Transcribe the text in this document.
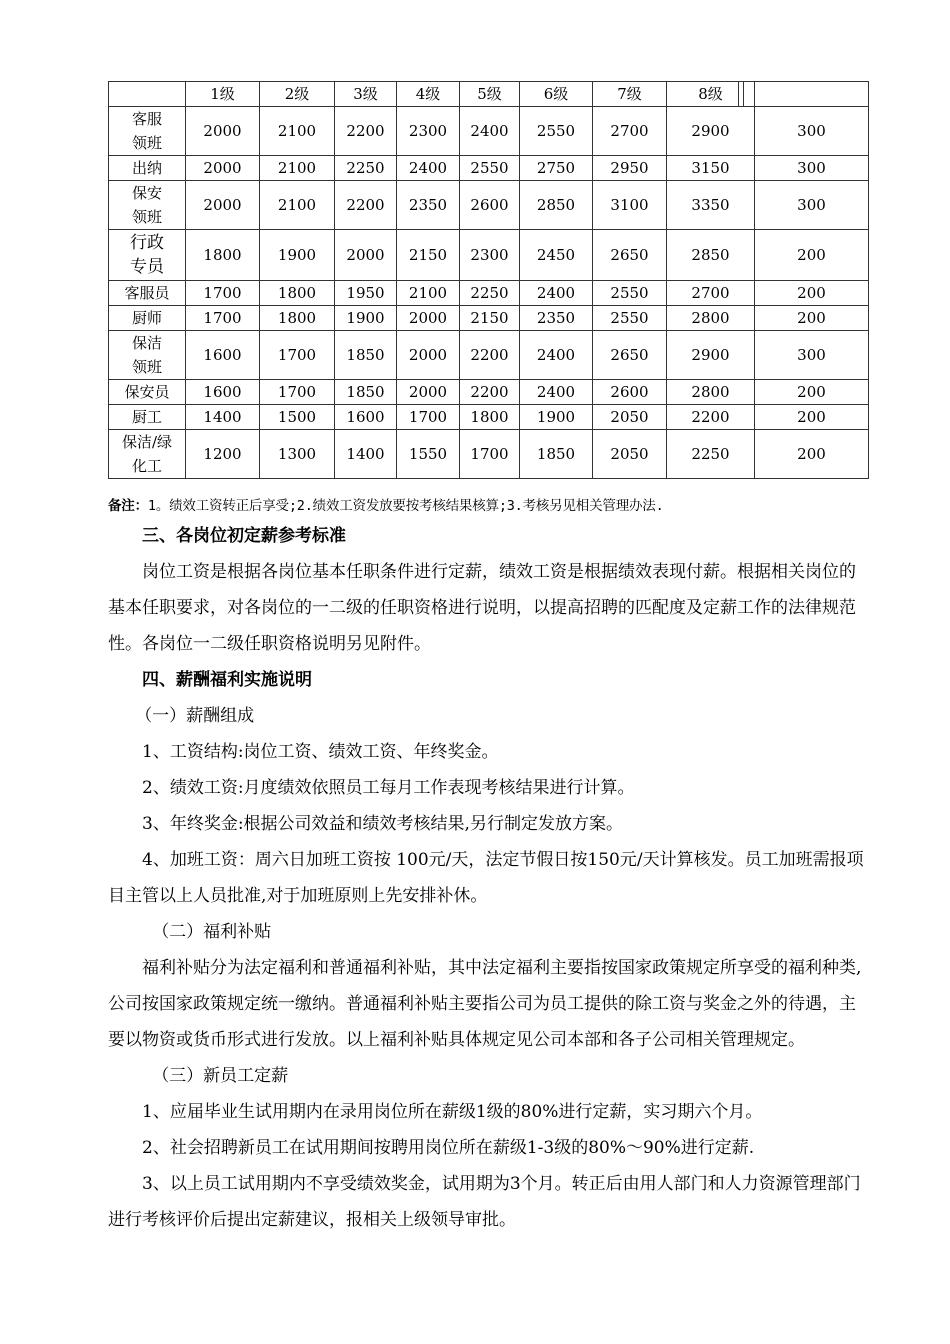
	1级	2级	3级	4级	5级	6级	7级	8级	

客服
领班	2000	2100	2200	2300	2400	2550	2700	2900	300

出纳	2000	2100	2250	2400	2550	2750	2950	3150	300

保安
领班	2000	2100	2200	2350	2600	2850	3100	3350	300

行政
专员	1800	1900	2000	2150	2300	2450	2650	2850	200

客服员	1700	1800	1950	2100	2250	2400	2550	2700	200

厨师	1700	1800	1900	2000	2150	2350	2550	2800	200

保洁
领班	1600	1700	1850	2000	2200	2400	2650	2900	300

保安员	1600	1700	1850	2000	2200	2400	2600	2800	200

厨工	1400	1500	1600	1700	1800	1900	2050	2200	200

保洁/绿
化工	1200	1300	1400	1550	1700	1850	2050	2250	200
备注：1。绩效工资转正后享受;2.绩效工资发放要按考核结果核算;3.考核另见相关管理办法.

三、各岗位初定薪参考标准

岗位工资是根据各岗位基本任职条件进行定薪，绩效工资是根据绩效表现付薪。根据相关岗位的基本任职要求，对各岗位的一二级的任职资格进行说明，以提高招聘的匹配度及定薪工作的法律规范性。各岗位一二级任职资格说明另见附件。

四、薪酬福利实施说明

（一）薪酬组成

1、工资结构:岗位工资、绩效工资、年终奖金。

2、绩效工资:月度绩效依照员工每月工作表现考核结果进行计算。

3、年终奖金:根据公司效益和绩效考核结果,另行制定发放方案。

4、加班工资：周六日加班工资按 100元/天，法定节假日按150元/天计算核发。员工加班需报项目主管以上人员批准,对于加班原则上先安排补休。

（二）福利补贴

福利补贴分为法定福利和普通福利补贴，其中法定福利主要指按国家政策规定所享受的福利种类,公司按国家政策规定统一缴纳。普通福利补贴主要指公司为员工提供的除工资与奖金之外的待遇，主要以物资或货币形式进行发放。以上福利补贴具体规定见公司本部和各子公司相关管理规定。

（三）新员工定薪

1、应届毕业生试用期内在录用岗位所在薪级1级的80%进行定薪，实习期六个月。

2、社会招聘新员工在试用期间按聘用岗位所在薪级1-3级的80%～90%进行定薪.

3、以上员工试用期内不享受绩效奖金，试用期为3个月。转正后由用人部门和人力资源管理部门进行考核评价后提出定薪建议，报相关上级领导审批。
